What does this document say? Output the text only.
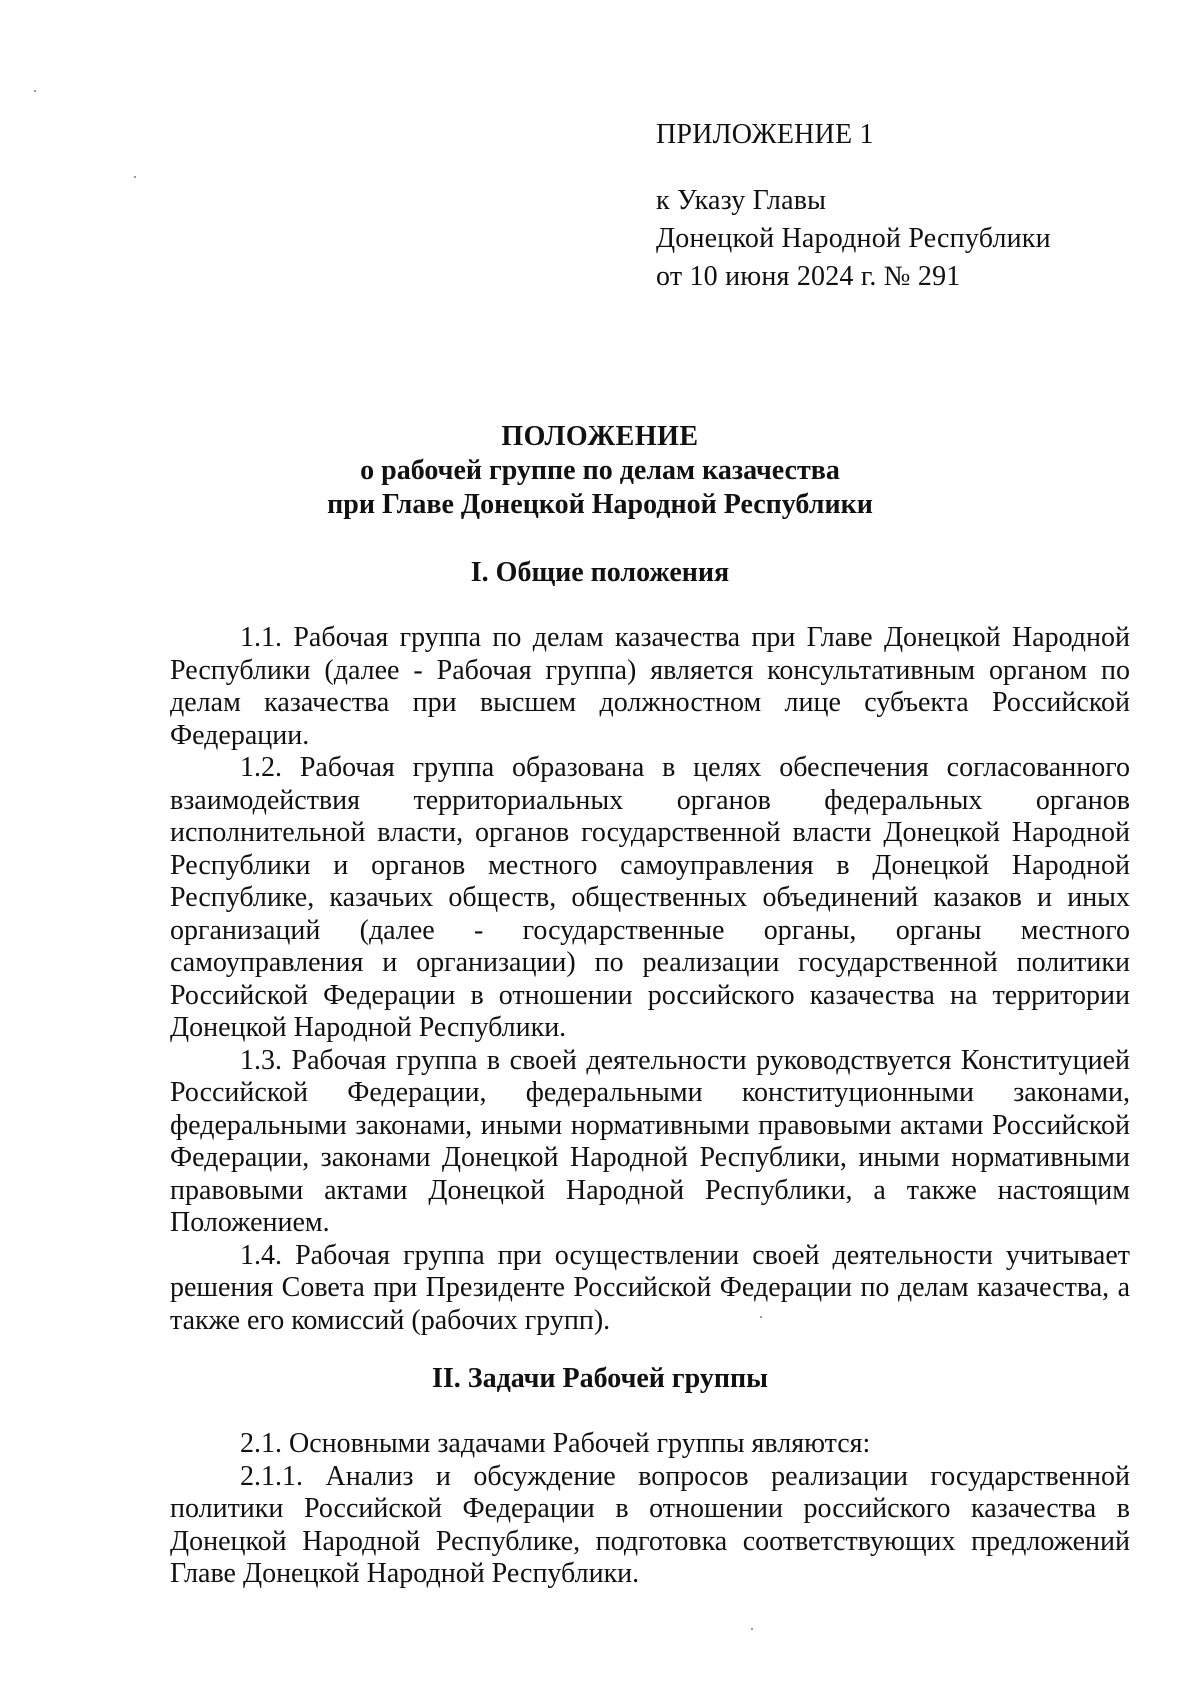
ПРИЛОЖЕНИЕ 1
к Указу Главы
Донецкой Народной Республики
от 10 июня 2024 г. № 291
ПОЛОЖЕНИЕ
о рабочей группе по делам казачества
при Главе Донецкой Народной Республики
I. Общие положения

1.1. Рабочая группа по делам казачества при Главе Донецкой Народной Республики (далее - Рабочая группа) является консультативным органом по делам казачества при высшем должностном лице субъекта Российской Федерации.

1.2. Рабочая группа образована в целях обеспечения согласованного взаимодействия территориальных органов федеральных органов исполнительной власти, органов государственной власти Донецкой Народной Республики и органов местного самоуправления в Донецкой Народной Республике, казачьих обществ, общественных объединений казаков и иных организаций (далее - государственные органы, органы местного самоуправления и организации) по реализации государственной политики Российской Федерации в отношении российского казачества на территории Донецкой Народной Республики.

1.3. Рабочая группа в своей деятельности руководствуется Конституцией Российской Федерации, федеральными конституционными законами, федеральными законами, иными нормативными правовыми актами Российской Федерации, законами Донецкой Народной Республики, иными нормативными правовыми актами Донецкой Народной Республики, а также настоящим Положением.

1.4. Рабочая группа при осуществлении своей деятельности учитывает решения Совета при Президенте Российской Федерации по делам казачества, а также его комиссий (рабочих групп).

II. Задачи Рабочей группы

2.1. Основными задачами Рабочей группы являются:

2.1.1. Анализ и обсуждение вопросов реализации государственной политики Российской Федерации в отношении российского казачества в Донецкой Народной Республике, подготовка соответствующих предложений Главе Донецкой Народной Республики.
